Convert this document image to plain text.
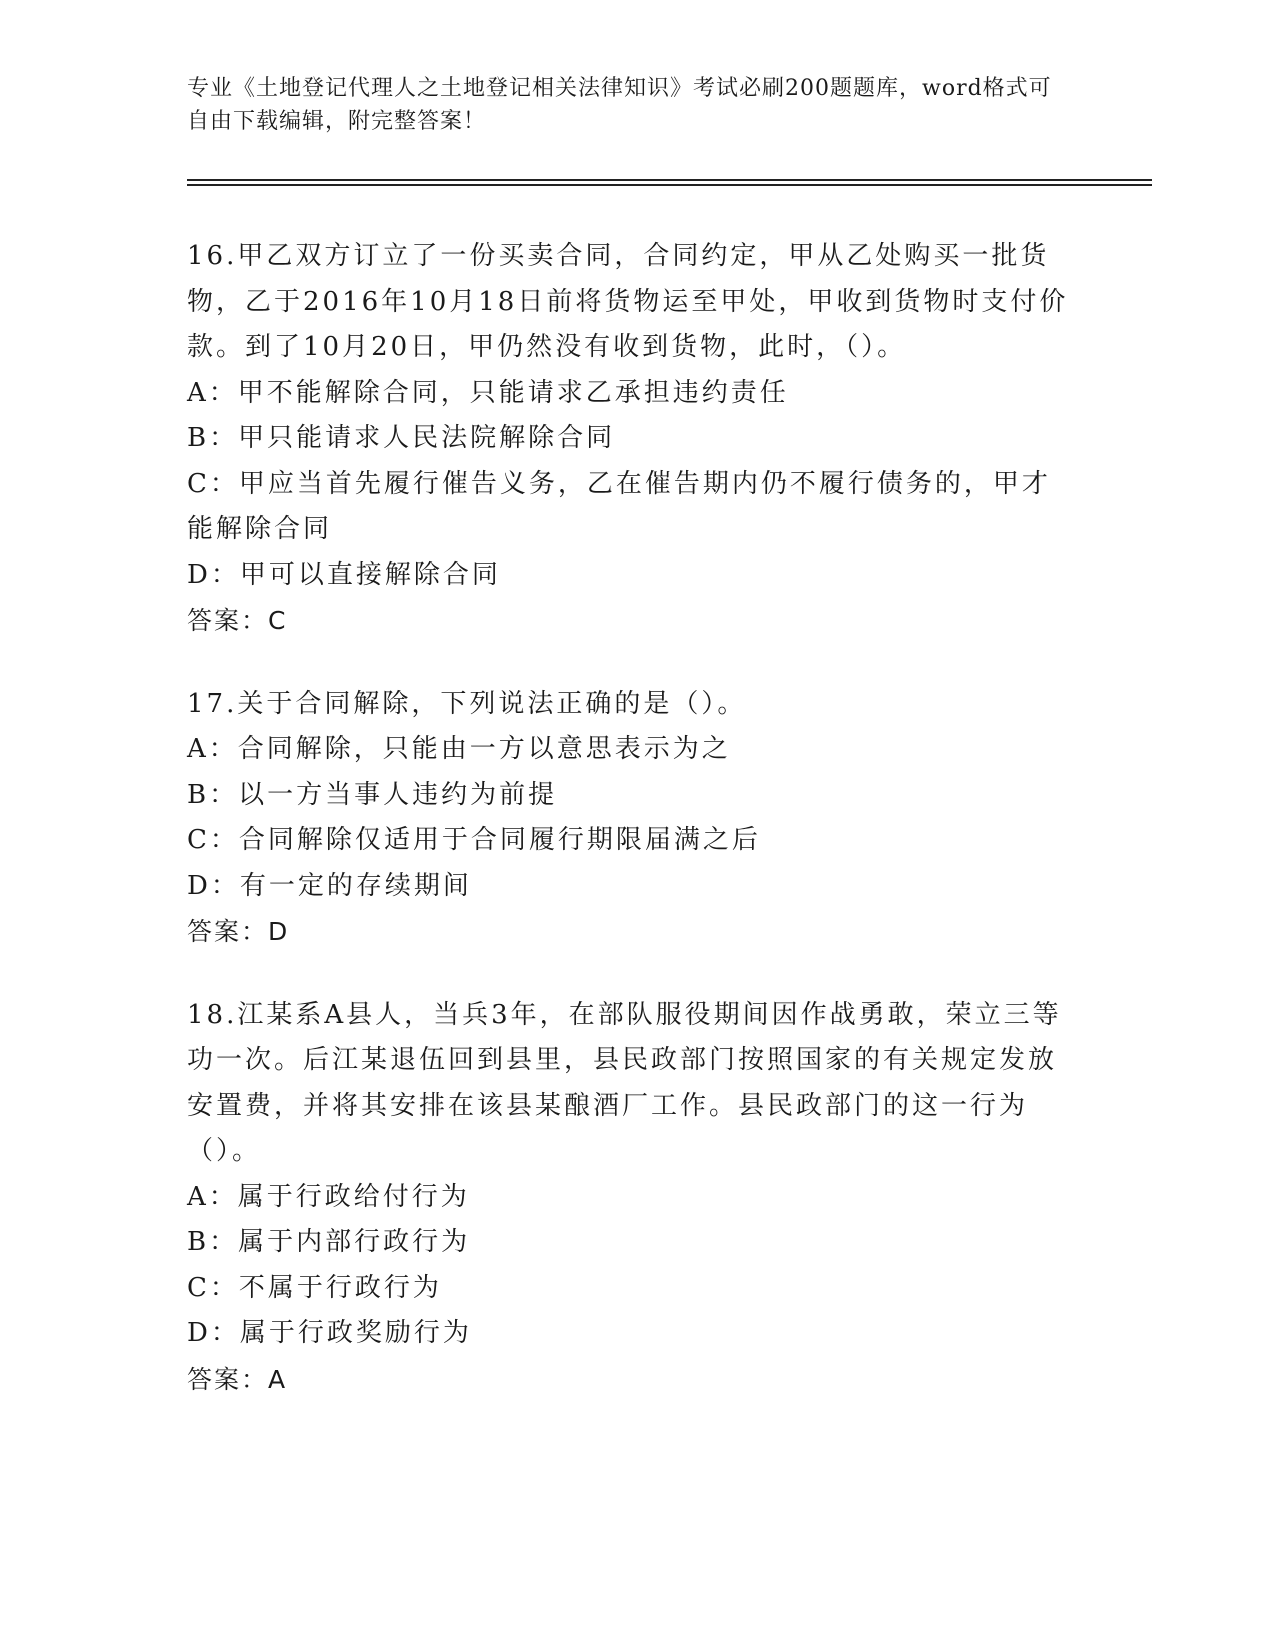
专业《土地登记代理人之土地登记相关法律知识》考试必刷200题题库，word格式可自由下载编辑，附完整答案！

16.甲乙双方订立了一份买卖合同，合同约定，甲从乙处购买一批货物，乙于2016年10月18日前将货物运至甲处，甲收到货物时支付价款。到了10月20日，甲仍然没有收到货物，此时，（）。

A：甲不能解除合同，只能请求乙承担违约责任

B：甲只能请求人民法院解除合同

C：甲应当首先履行催告义务，乙在催告期内仍不履行债务的，甲才能解除合同

D：甲可以直接解除合同

答案：C

17.关于合同解除，下列说法正确的是（）。

A：合同解除，只能由一方以意思表示为之

B：以一方当事人违约为前提

C：合同解除仅适用于合同履行期限届满之后

D：有一定的存续期间

答案：D

18.江某系A县人，当兵3年，在部队服役期间因作战勇敢，荣立三等功一次。后江某退伍回到县里，县民政部门按照国家的有关规定发放安置费，并将其安排在该县某酿酒厂工作。县民政部门的这一行为（）。

A：属于行政给付行为

B：属于内部行政行为

C：不属于行政行为

D：属于行政奖励行为

答案：A
